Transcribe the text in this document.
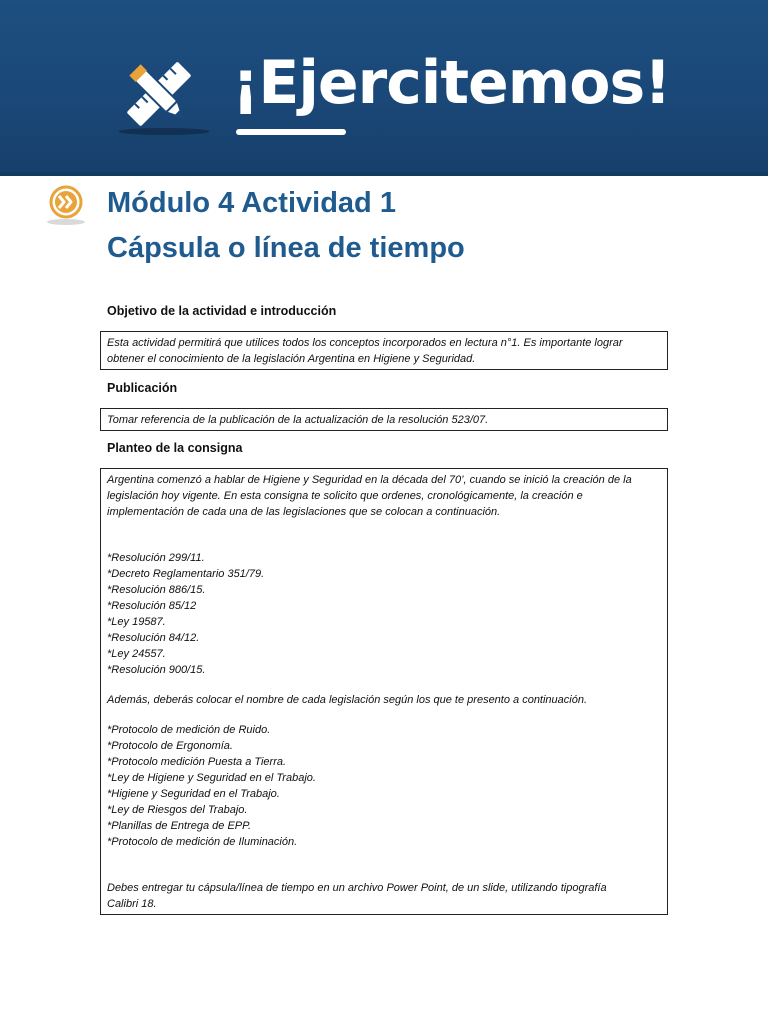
¡Ejercitemos!
Módulo 4 Actividad 1
Cápsula o línea de tiempo
Objetivo de la actividad e introducción

Esta actividad permitirá que utilices todos los conceptos incorporados en lectura n°1. Es importante lograr

obtener el conocimiento de la legislación Argentina en Higiene y Seguridad.

Publicación

Tomar referencia de la publicación de la actualización de la resolución 523/07.

Planteo de la consigna

Argentina comenzó a hablar de Higiene y Seguridad en la década del 70’, cuando se inició la creación de la

legislación hoy vigente. En esta consigna te solicito que ordenes, cronológicamente, la creación e

implementación de cada una de las legislaciones que se colocan a continuación.

*Resolución 299/11.

*Decreto Reglamentario 351/79.

*Resolución 886/15.

*Resolución 85/12

*Ley 19587.

*Resolución 84/12.

*Ley 24557.

*Resolución 900/15.

Además, deberás colocar el nombre de cada legislación según los que te presento a continuación.

*Protocolo de medición de Ruido.

*Protocolo de Ergonomía.

*Protocolo medición Puesta a Tierra.

*Ley de Higiene y Seguridad en el Trabajo.

*Higiene y Seguridad en el Trabajo.

*Ley de Riesgos del Trabajo.

*Planillas de Entrega de EPP.

*Protocolo de medición de Iluminación.

Debes entregar tu cápsula/línea de tiempo en un archivo Power Point, de un slide, utilizando tipografía

Calibri 18.
